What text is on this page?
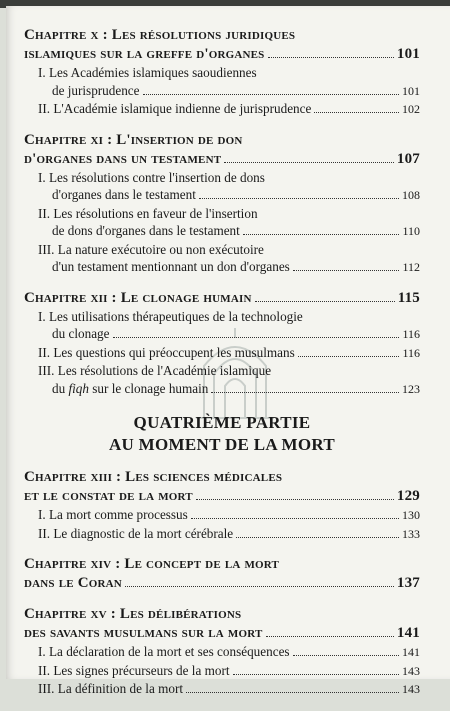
Chapitre x : Les résolutions juridiques
islamiques sur la greffe d'organes	101
I. Les Académies islamiques saoudiennes
de jurisprudence	101
II. L'Académie islamique indienne de jurisprudence	102
Chapitre xi : L'insertion de don
d'organes dans un testament	107
I. Les résolutions contre l'insertion de dons
d'organes dans le testament	108
II. Les résolutions en faveur de l'insertion
de dons d'organes dans le testament	110
III. La nature exécutoire ou non exécutoire
d'un testament mentionnant un don d'organes	112
Chapitre xii : Le clonage humain	115
I. Les utilisations thérapeutiques de la technologie
du clonage	116
II. Les questions qui préoccupent les musulmans	116
III. Les résolutions de l'Académie islamique
du fiqh sur le clonage humain	123
QUATRIÈME PARTIE
AU MOMENT DE LA MORT
Chapitre xiii : Les sciences médicales
et le constat de la mort	129
I. La mort comme processus	130
II. Le diagnostic de la mort cérébrale	133
Chapitre xiv : Le concept de la mort
dans le Coran	137
Chapitre xv : Les délibérations
des savants musulmans sur la mort	141
I. La déclaration de la mort et ses conséquences	141
II. Les signes précurseurs de la mort	143
III. La définition de la mort	143
